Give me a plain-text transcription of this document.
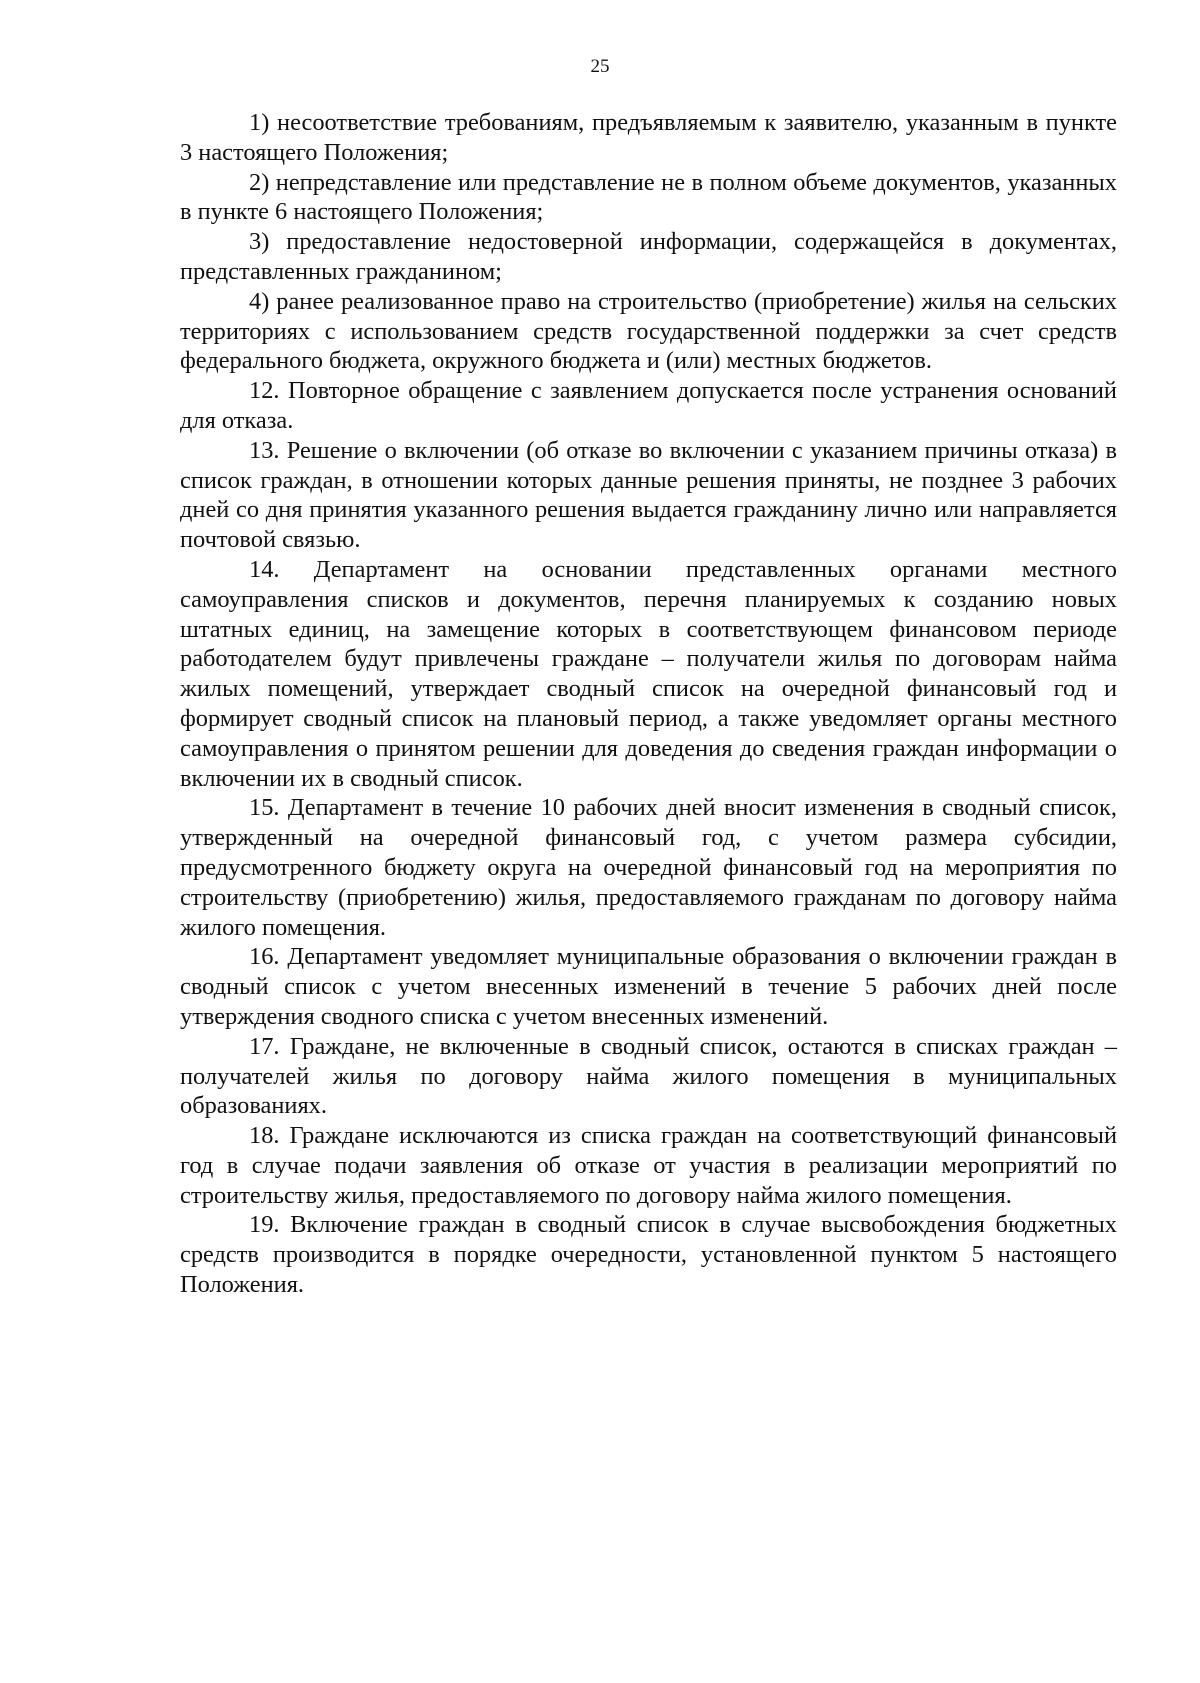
25

1) несоответствие требованиям, предъявляемым к заявителю, указанным в пункте 3 настоящего Положения;

2) непредставление или представление не в полном объеме документов, указанных в пункте 6 настоящего Положения;

3) предоставление недостоверной информации, содержащейся в документах, представленных гражданином;

4) ранее реализованное право на строительство (приобретение) жилья на сельских территориях с использованием средств государственной поддержки за счет средств федерального бюджета, окружного бюджета и (или) местных бюджетов.

12. Повторное обращение с заявлением допускается после устранения оснований для отказа.

13. Решение о включении (об отказе во включении с указанием причины отказа) в список граждан, в отношении которых данные решения приняты, не позднее 3 рабочих дней со дня принятия указанного решения выдается гражданину лично или направляется почтовой связью.

14. Департамент на основании представленных органами местного самоуправления списков и документов, перечня планируемых к созданию новых штатных единиц, на замещение которых в соответствующем финансовом периоде работодателем будут привлечены граждане – получатели жилья по договорам найма жилых помещений, утверждает сводный список на очередной финансовый год и формирует сводный список на плановый период, а также уведомляет органы местного самоуправления о принятом решении для доведения до сведения граждан информации о включении их в сводный список.

15. Департамент в течение 10 рабочих дней вносит изменения в сводный список, утвержденный на очередной финансовый год, с учетом размера субсидии, предусмотренного бюджету округа на очередной финансовый год на мероприятия по строительству (приобретению) жилья, предоставляемого гражданам по договору найма жилого помещения.

16. Департамент уведомляет муниципальные образования о включении граждан в сводный список с учетом внесенных изменений в течение 5 рабочих дней после утверждения сводного списка с учетом внесенных изменений.

17. Граждане, не включенные в сводный список, остаются в списках граждан – получателей жилья по договору найма жилого помещения в муниципальных образованиях.

18. Граждане исключаются из списка граждан на соответствующий финансовый год в случае подачи заявления об отказе от участия в реализации мероприятий по строительству жилья, предоставляемого по договору найма жилого помещения.

19. Включение граждан в сводный список в случае высвобождения бюджетных средств производится в порядке очередности, установленной пунктом 5 настоящего Положения.
